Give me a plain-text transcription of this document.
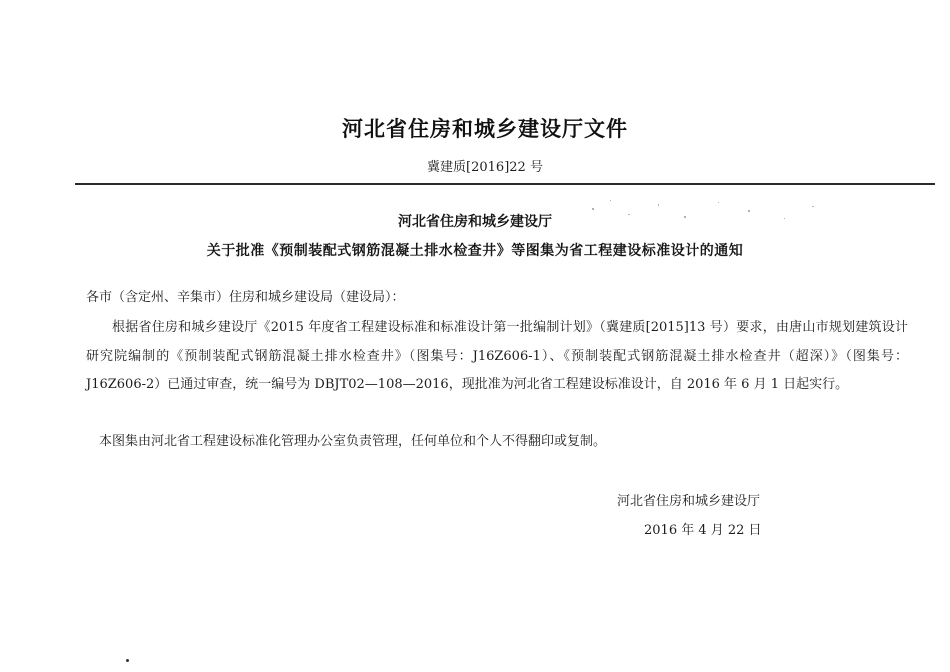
河北省住房和城乡建设厅文件
冀建质[2016]22 号
河北省住房和城乡建设厅
关于批准《预制装配式钢筋混凝土排水检查井》等图集为省工程建设标准设计的通知
各市（含定州、辛集市）住房和城乡建设局（建设局）：

根据省住房和城乡建设厅《2015 年度省工程建设标准和标准设计第一批编制计划》（冀建质[2015]13 号）要求，由唐山市规划建筑设计研究院编制的《预制装配式钢筋混凝土排水检查井》（图集号：J16Z606-1）、《预制装配式钢筋混凝土排水检查井（超深）》（图集号：J16Z606-2）已通过审查，统一编号为 DBJT02—108—2016，现批准为河北省工程建设标准设计，自 2016 年 6 月 1 日起实行。

本图集由河北省工程建设标准化管理办公室负责管理，任何单位和个人不得翻印或复制。

河北省住房和城乡建设厅
2016 年 4 月 22 日
